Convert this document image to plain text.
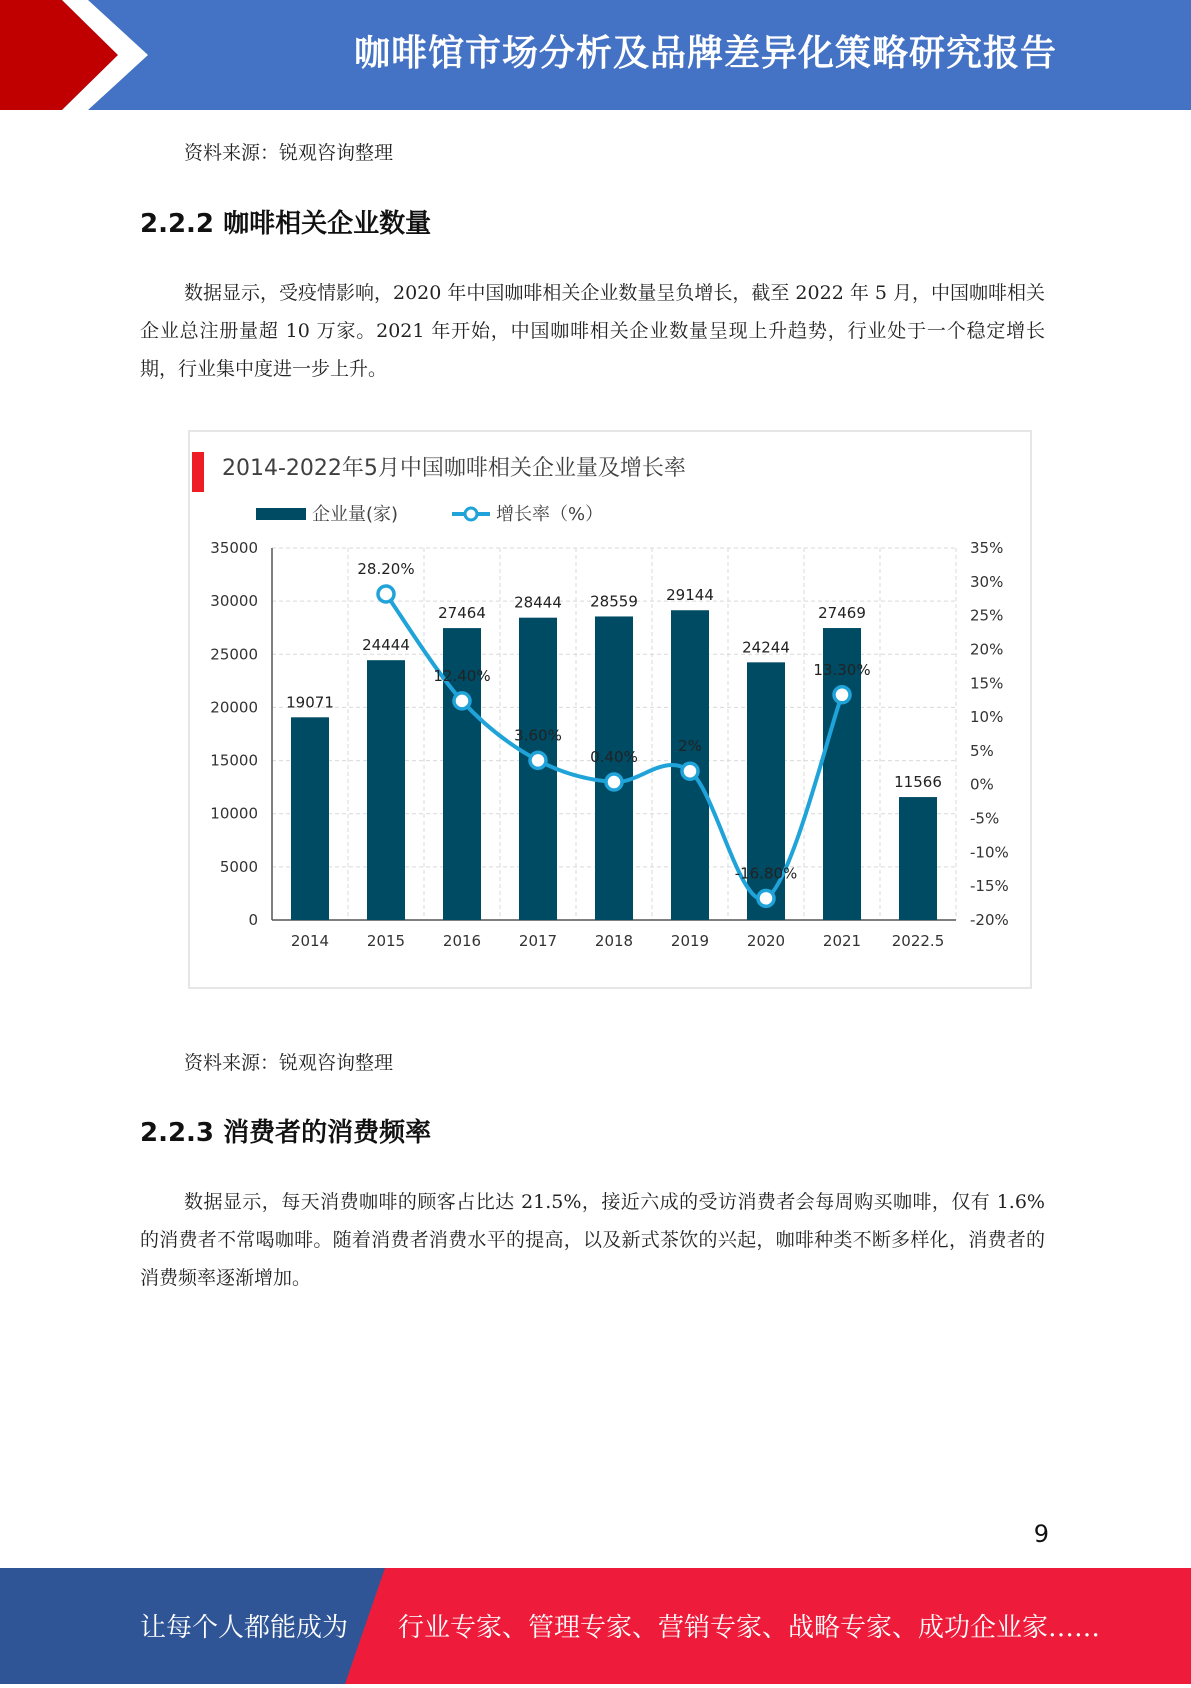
咖啡馆市场分析及品牌差异化策略研究报告
资料来源：锐观咨询整理
2.2.2 咖啡相关企业数量
数据显示，受疫情影响，2020 年中国咖啡相关企业数量呈负增长，截至 2022 年 5 月，中国咖啡相关企业总注册量超 10 万家。2021 年开始，中国咖啡相关企业数量呈现上升趋势，行业处于一个稳定增长期，行业集中度进一步上升。
2014-2022年5月中国咖啡相关企业量及增长率
企业量(家)	增长率（%）
0
5000
10000
15000
20000
25000
30000
35000
-20%
-15%
-10%
-5%
0%
5%
10%
15%
20%
25%
30%
35%
19071
2014
24444
2015
27464
2016
28444
2017
28559
2018
29144
2019
24244
2020
27469
2021
11566
2022.5
28.20%
12.40%
3.60%
0.40%
2%
-16.80%
13.30%
资料来源：锐观咨询整理
2.2.3 消费者的消费频率
数据显示，每天消费咖啡的顾客占比达 21.5%，接近六成的受访消费者会每周购买咖啡，仅有 1.6%的消费者不常喝咖啡。随着消费者消费水平的提高，以及新式茶饮的兴起，咖啡种类不断多样化，消费者的消费频率逐渐增加。
9
让每个人都能成为 行业专家、管理专家、营销专家、战略专家、成功企业家……
